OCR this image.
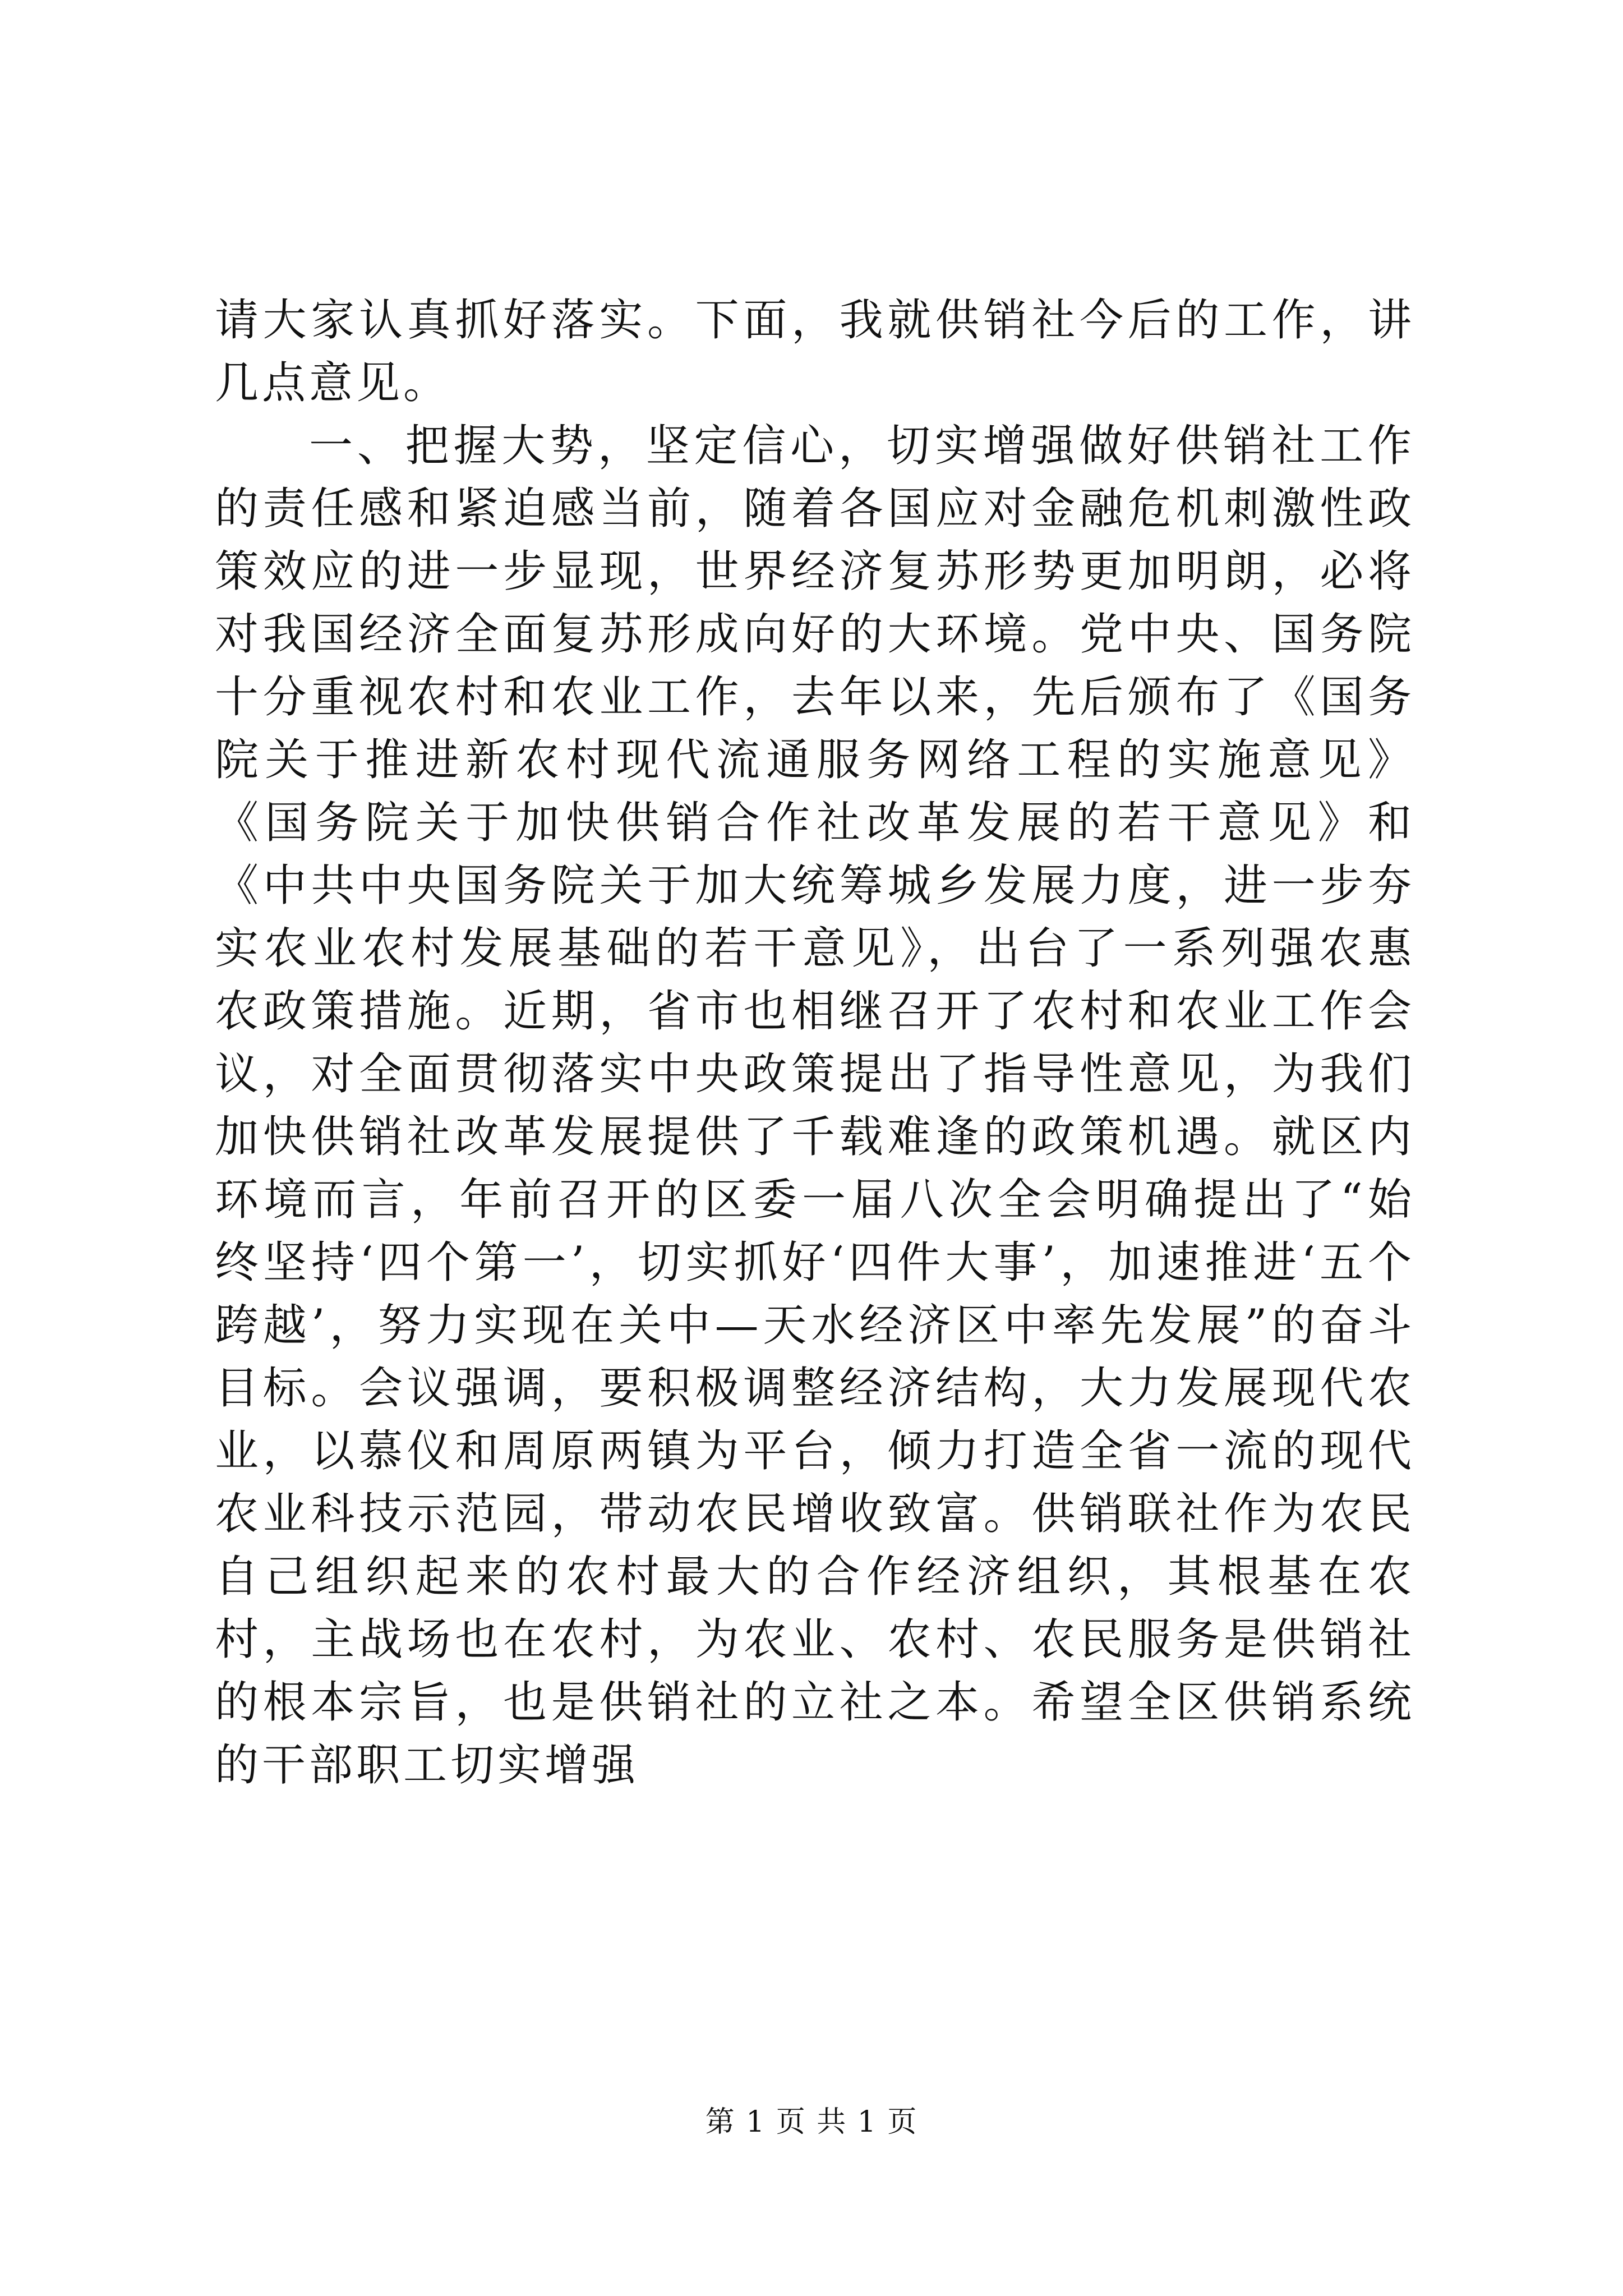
请大家认真抓好落实。下面，我就供销社今后的工作，讲几点意见。

一、把握大势，坚定信心，切实增强做好供销社工作的责任感和紧迫感当前，随着各国应对金融危机刺激性政策效应的进一步显现，世界经济复苏形势更加明朗，必将对我国经济全面复苏形成向好的大环境。党中央、国务院十分重视农村和农业工作，去年以来，先后颁布了《国务院关于推进新农村现代流通服务网络工程的实施意见》《国务院关于加快供销合作社改革发展的若干意见》和《中共中央国务院关于加大统筹城乡发展力度，进一步夯实农业农村发展基础的若干意见》，出台了一系列强农惠农政策措施。近期，省市也相继召开了农村和农业工作会议，对全面贯彻落实中央政策提出了指导性意见，为我们加快供销社改革发展提供了千载难逢的政策机遇。就区内环境而言，年前召开的区委一届八次全会明确提出了“始终坚持‘四个第一’，切实抓好‘四件大事’，加速推进‘五个跨越’，努力实现在关中—天水经济区中率先发展”的奋斗目标。会议强调，要积极调整经济结构，大力发展现代农业，以慕仪和周原两镇为平台，倾力打造全省一流的现代农业科技示范园，带动农民增收致富。供销联社作为农民自己组织起来的农村最大的合作经济组织，其根基在农村，主战场也在农村，为农业、农村、农民服务是供销社的根本宗旨，也是供销社的立社之本。希望全区供销系统的干部职工切实增强

第 1 页 共 1 页
